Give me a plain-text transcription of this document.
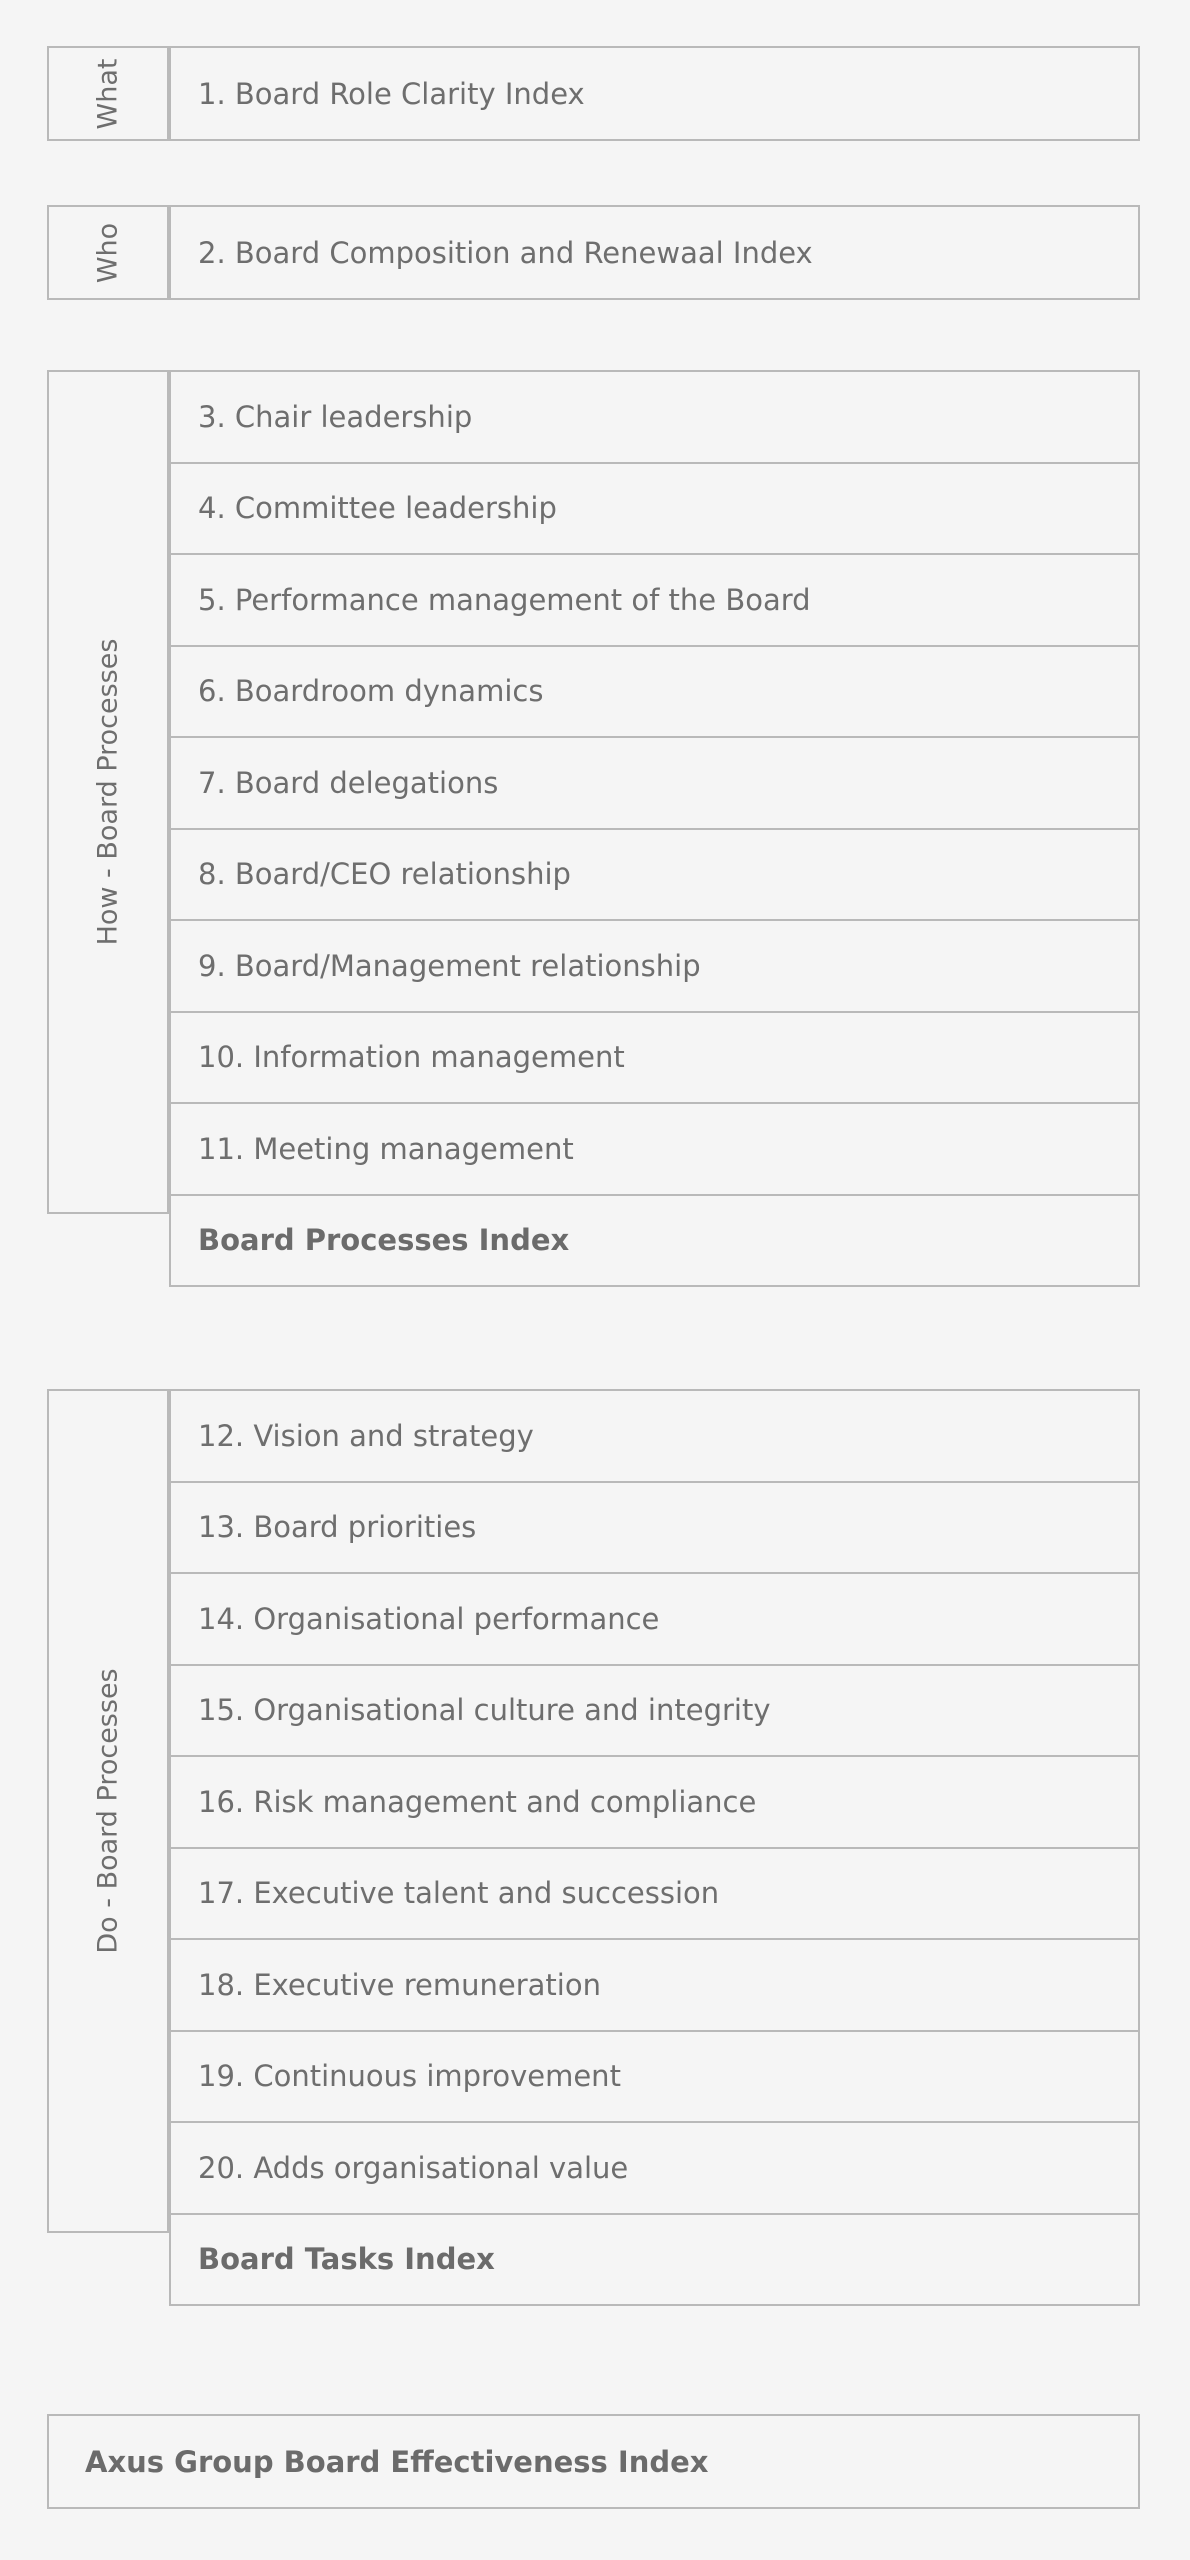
What	1. Board Role Clarity Index
Who	2. Board Composition and Renewaal Index
How - Board Processes
3. Chair leadership
4. Committee leadership
5. Performance management of the Board
6. Boardroom dynamics
7. Board delegations
8. Board/CEO relationship
9. Board/Management relationship
10. Information management
11. Meeting management
Board Processes Index
Do - Board Processes
12. Vision and strategy
13. Board priorities
14. Organisational performance
15. Organisational culture and integrity
16. Risk management and compliance
17. Executive talent and succession
18. Executive remuneration
19. Continuous improvement
20. Adds organisational value
Board Tasks Index
Axus Group Board Effectiveness Index
